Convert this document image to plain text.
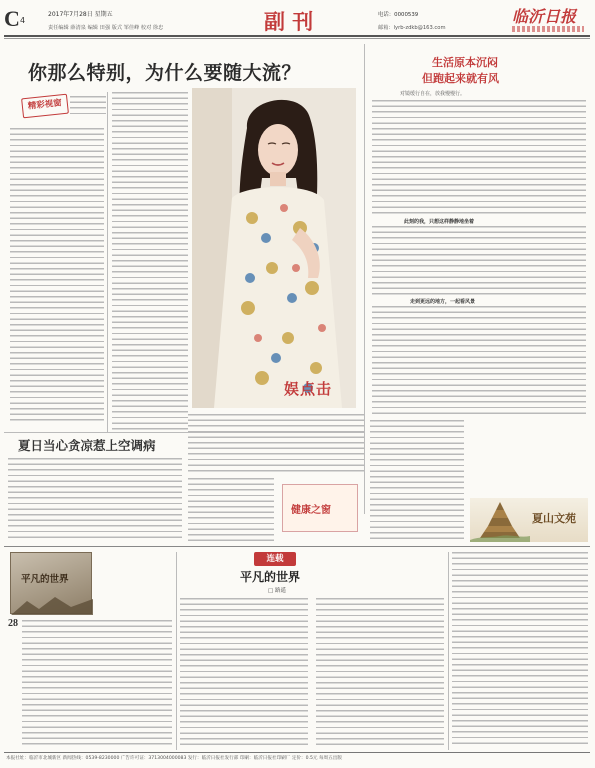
C 4
2017年7月28日 星期五
责任编辑 薛清泉 编辑 田强 版式 邹佳峰 校对 徐忠	副 刊	电话：0000539
邮箱：lyrb-zdkb@163.com
临沂日报
你那么特别，为什么要随大流？
精彩视窗
娱点击
生活原本沉闷
但跑起来就有风
对镜缓行自在，放我慢慢行。
此刻的我，只想这样静静地坐着
走到更远的地方，一起看风景
夏日当心贪凉惹上空调病
健康之窗
夏山文苑
连载
平凡的世界
□ 路遥
平凡的世界
28
本报社址：临沂市北城新区 新闻热线：0539-8230000 广告许可证：3713004000083 发行：临沂日报社发行部 印刷：临沂日报社印刷厂 定价：0.5元 每周五出版
